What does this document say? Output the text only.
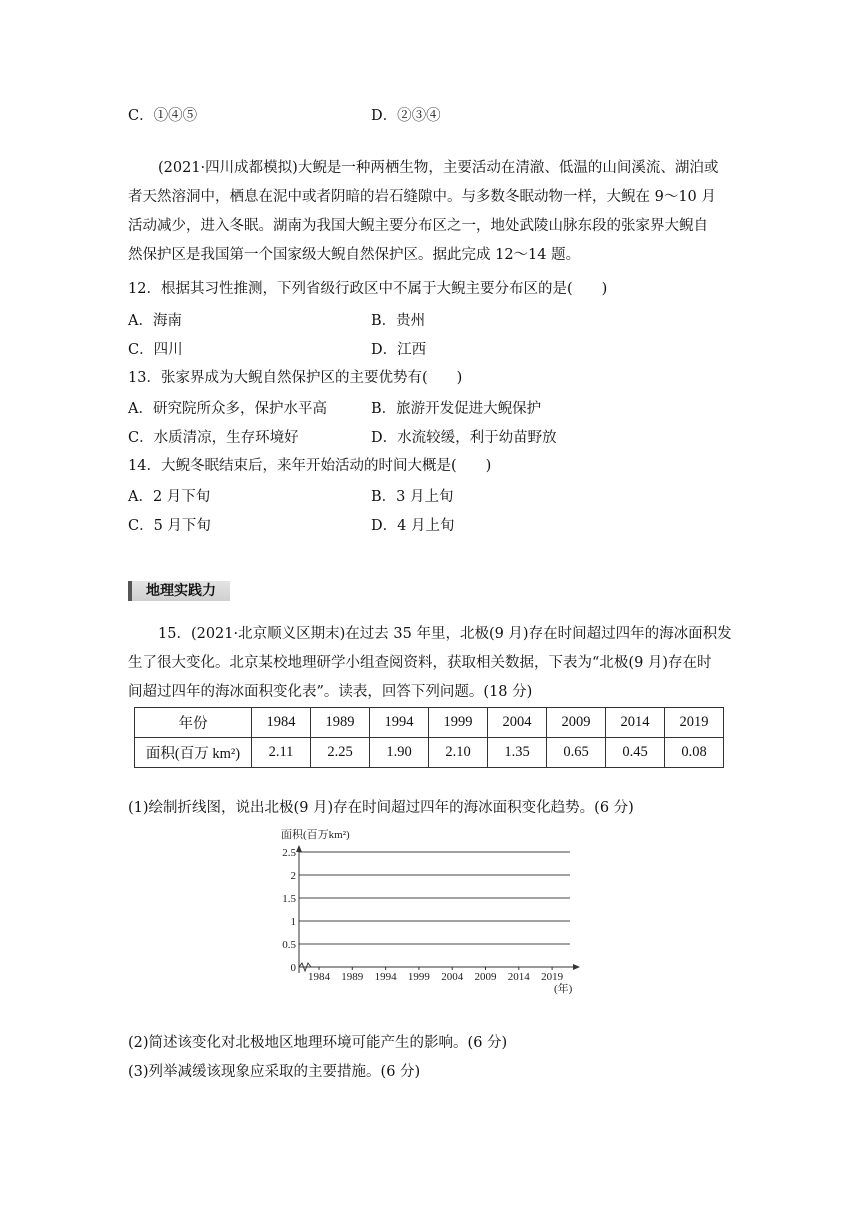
C．①④⑤	D．②③④
(2021·四川成都模拟)大鲵是一种两栖生物，主要活动在清澈、低温的山间溪流、湖泊或
者天然溶洞中，栖息在泥中或者阴暗的岩石缝隙中。与多数冬眠动物一样，大鲵在 9～10 月
活动减少，进入冬眠。湖南为我国大鲵主要分布区之一，地处武陵山脉东段的张家界大鲵自
然保护区是我国第一个国家级大鲵自然保护区。据此完成 12～14 题。
12．根据其习性推测，下列省级行政区中不属于大鲵主要分布区的是(　　)
A．海南	B．贵州
C．四川	D．江西
13．张家界成为大鲵自然保护区的主要优势有(　　)
A．研究院所众多，保护水平高	B．旅游开发促进大鲵保护
C．水质清凉，生存环境好	D．水流较缓，利于幼苗野放
14．大鲵冬眠结束后，来年开始活动的时间大概是(　　)
A．2 月下旬	B．3 月上旬
C．5 月下旬	D．4 月上旬
地理实践力
15．(2021·北京顺义区期末)在过去 35 年里，北极(9 月)存在时间超过四年的海冰面积发
生了很大变化。北京某校地理研学小组查阅资料，获取相关数据，下表为“北极(9 月)存在时
间超过四年的海冰面积变化表”。读表，回答下列问题。(18 分)
年份	1984	1989	1994	1999	2004	2009	2014	2019
面积(百万 km²)	2.11	2.25	1.90	2.10	1.35	0.65	0.45	0.08
(1)绘制折线图，说出北极(9 月)存在时间超过四年的海冰面积变化趋势。(6 分)
面积(百万km²)
0
0.5
1
1.5
2
2.5
1984 1989 1994 1999 2004 2009 2014 2019
(年)
(2)简述该变化对北极地区地理环境可能产生的影响。(6 分)
(3)列举减缓该现象应采取的主要措施。(6 分)
